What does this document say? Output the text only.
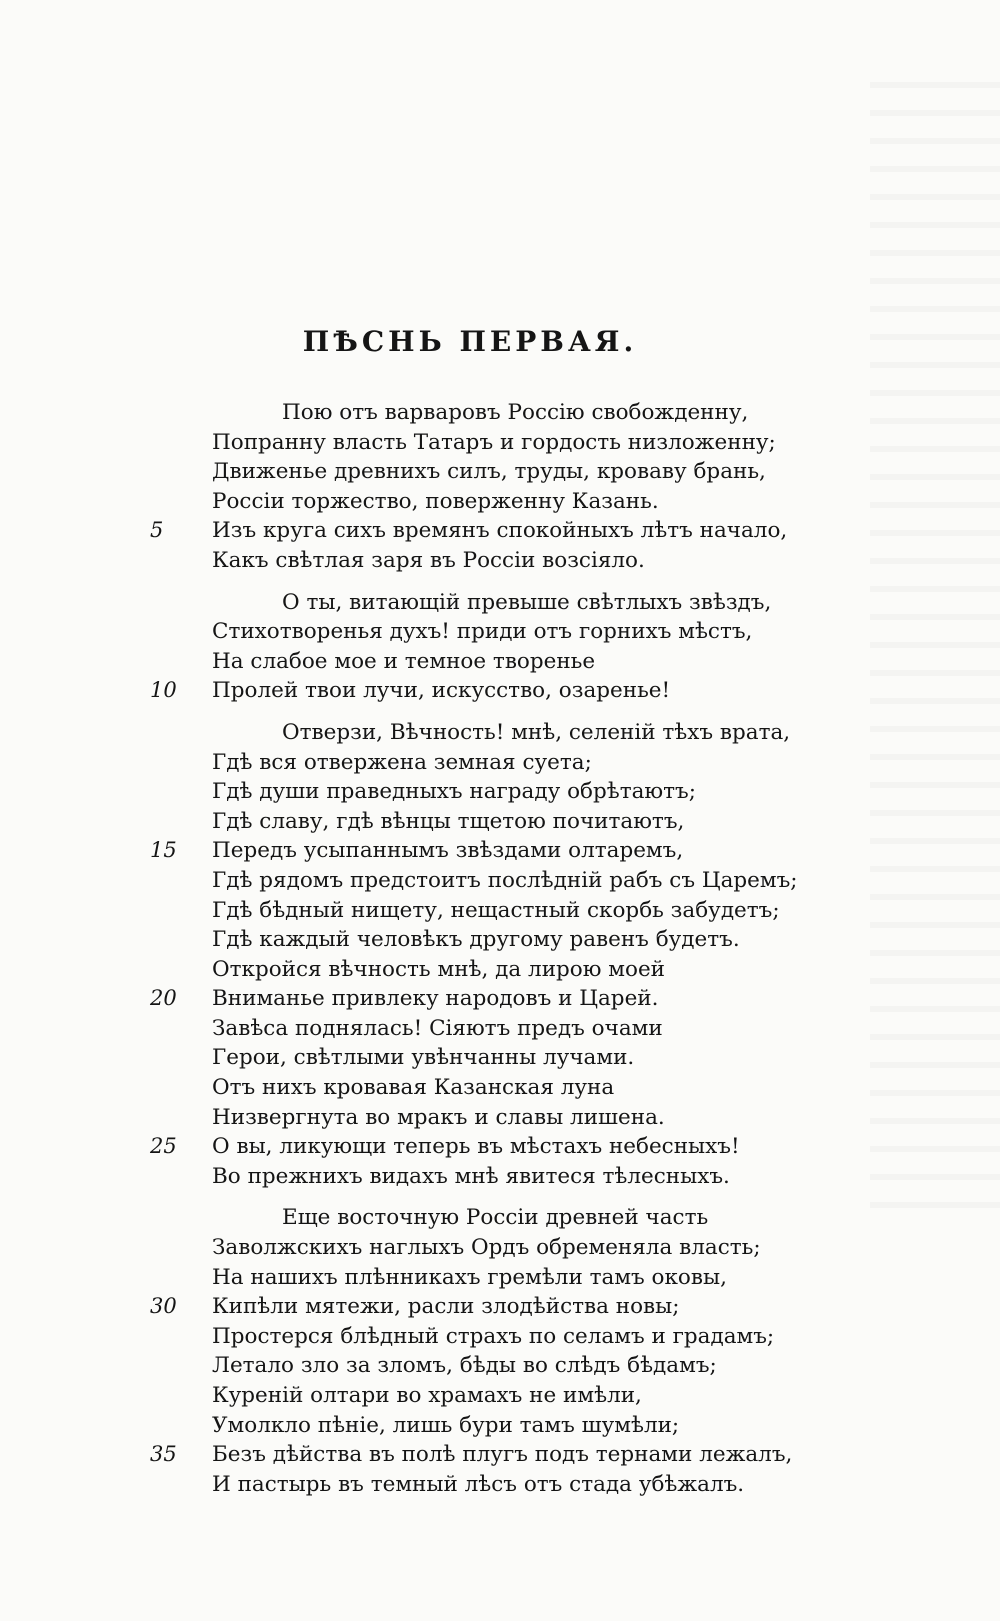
ПѢСНЬ ПЕРВАЯ.
Пою отъ варваровъ Россію свобожденну,
Попранну власть Татаръ и гордость низложенну;
Движенье древнихъ силъ, труды, кроваву брань,
Россіи торжество, поверженну Казань.
5	Изъ круга сихъ времянъ спокойныхъ лѣтъ начало,
Какъ свѣтлая заря въ Россіи возсіяло.
О ты, витающій превыше свѣтлыхъ звѣздъ,
Стихотворенья духъ! приди отъ горнихъ мѣстъ,
На слабое мое и темное творенье
10 Пролей твои лучи, искусство, озаренье!
Отверзи, Вѣчность! мнѣ, селеній тѣхъ врата,
Гдѣ вся отвержена земная суета;
Гдѣ души праведныхъ награду обрѣтаютъ;
Гдѣ славу, гдѣ вѣнцы тщетою почитаютъ,
15 Передъ усыпаннымъ звѣздами олтаремъ,
Гдѣ рядомъ предстоитъ послѣдній рабъ съ Царемъ;
Гдѣ бѣдный нищету, нещастный скорбь забудетъ;
Гдѣ каждый человѣкъ другому равенъ будетъ.
Откройся вѣчность мнѣ, да лирою моей
20 Вниманье привлеку народовъ и Царей.
Завѣса поднялась! Сіяютъ предъ очами
Герои, свѣтлыми увѣнчанны лучами.
Отъ нихъ кровавая Казанская луна
Низвергнута во мракъ и славы лишена.
25 О вы, ликующи теперь въ мѣстахъ небесныхъ!
Во прежнихъ видахъ мнѣ явитеся тѣлесныхъ.
Еще восточную Россіи древней часть
Заволжскихъ наглыхъ Ордъ обременяла власть;
На нашихъ плѣнникахъ гремѣли тамъ оковы,
30 Кипѣли мятежи, расли злодѣйства новы;
Простерся блѣдный страхъ по селамъ и градамъ;
Летало зло за зломъ, бѣды во слѣдъ бѣдамъ;
Куреній олтари во храмахъ не имѣли,
Умолкло пѣніе, лишь бури тамъ шумѣли;
35 Безъ дѣйства въ полѣ плугъ подъ тернами лежалъ,
И пастырь въ темный лѣсъ отъ стада убѣжалъ.
